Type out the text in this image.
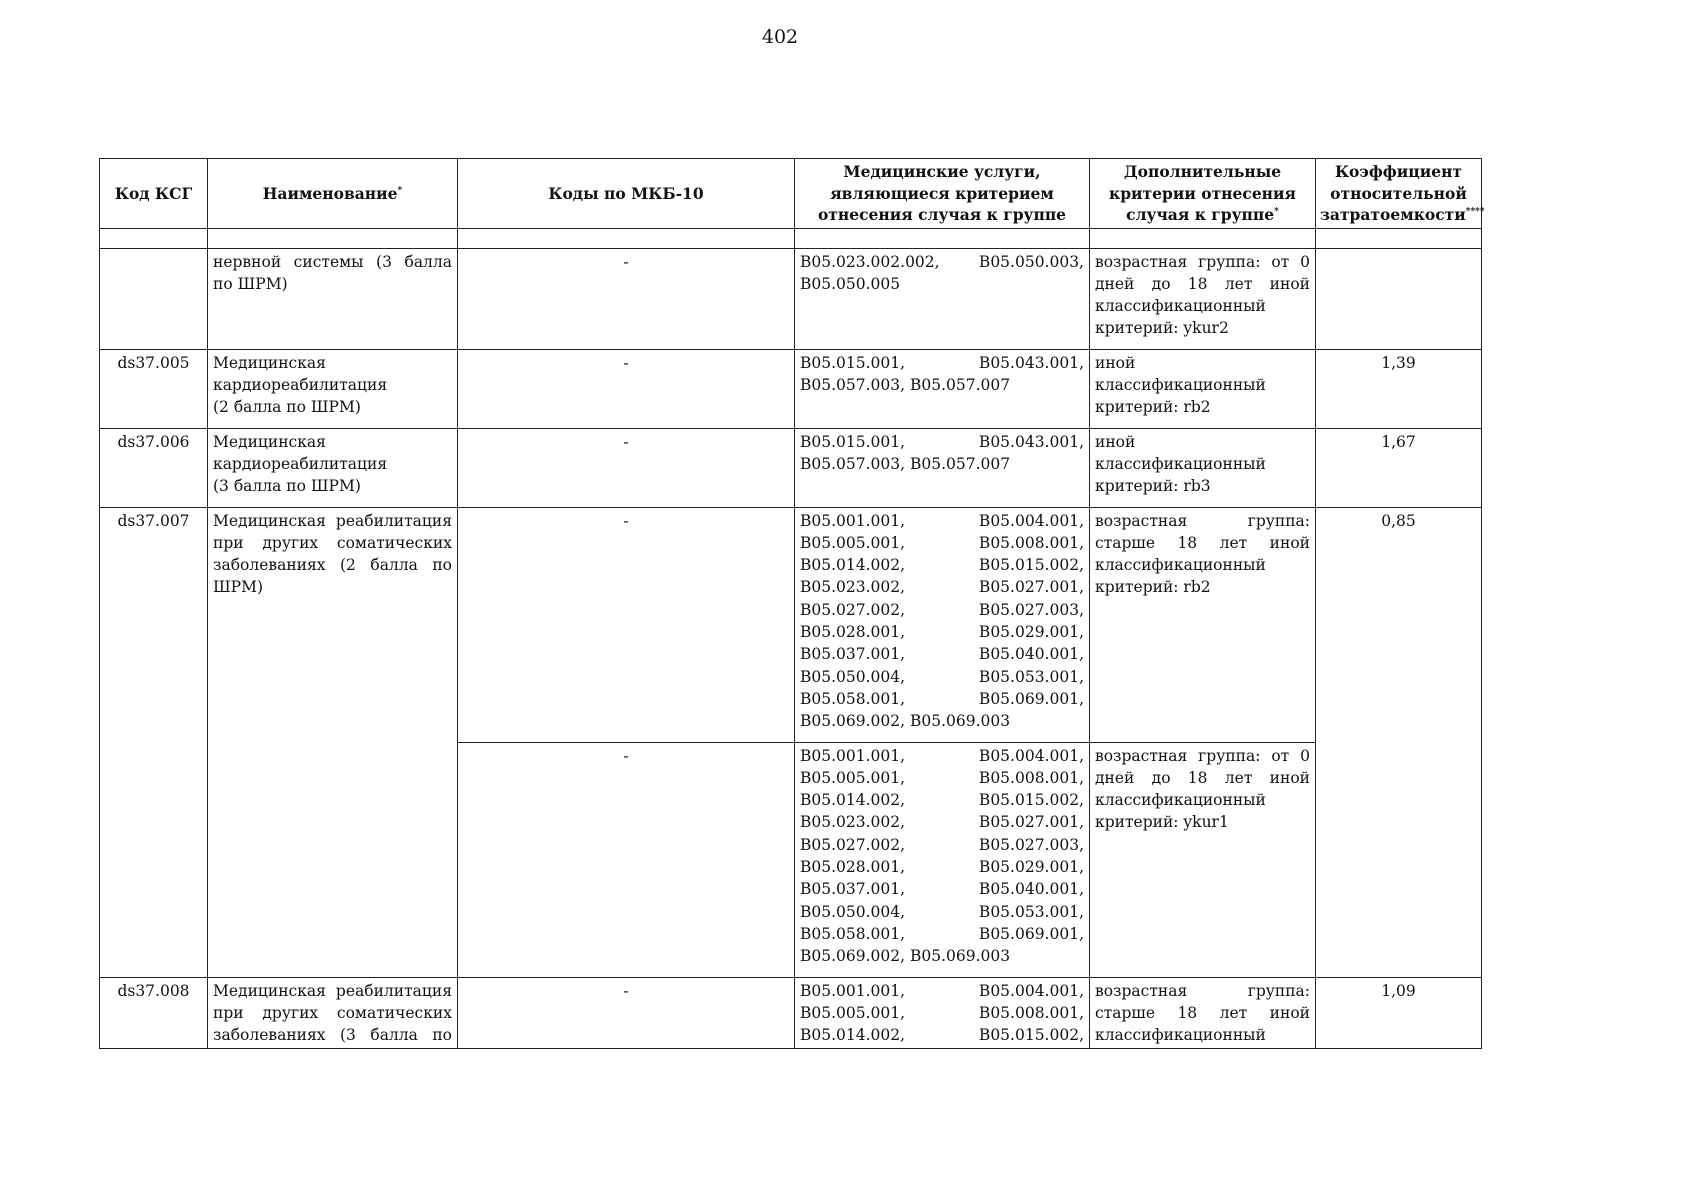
402
Код КСГ	Наименование*	Коды по МКБ-10	Медицинские услуги, являющиеся критерием отнесения случая к группе	Дополнительные критерии отнесения случая к группе*	Коэффициент относительной затратоемкости****

	нервной системы (3 балла по ШРМ)	-	B05.023.002.002, B05.050.003, B05.050.005	возрастная группа: от 0 дней до 18 лет иной классификационный критерий: ykur2	
ds37.005	Медицинская кардиореабилитация (2 балла по ШРМ)	-	B05.015.001, B05.043.001, B05.057.003, B05.057.007	иной классификационный критерий: rb2	1,39
ds37.006	Медицинская кардиореабилитация (3 балла по ШРМ)	-	B05.015.001, B05.043.001, B05.057.003, B05.057.007	иной классификационный критерий: rb3	1,67
ds37.007	Медицинская реабилитация при других соматических заболеваниях (2 балла по ШРМ)	-	B05.001.001, B05.004.001, B05.005.001, B05.008.001, B05.014.002, B05.015.002, B05.023.002, B05.027.001, B05.027.002, B05.027.003, B05.028.001, B05.029.001, B05.037.001, B05.040.001, B05.050.004, B05.053.001, B05.058.001, B05.069.001, B05.069.002, B05.069.003	возрастная группа: старше 18 лет иной классификационный критерий: rb2	0,85
		-	B05.001.001, B05.004.001, B05.005.001, B05.008.001, B05.014.002, B05.015.002, B05.023.002, B05.027.001, B05.027.002, B05.027.003, B05.028.001, B05.029.001, B05.037.001, B05.040.001, B05.050.004, B05.053.001, B05.058.001, B05.069.001, B05.069.002, B05.069.003	возрастная группа: от 0 дней до 18 лет иной классификационный критерий: ykur1	
ds37.008	Медицинская реабилитация при других соматических заболеваниях (3 балла по	-	B05.001.001, B05.004.001, B05.005.001, B05.008.001, B05.014.002, B05.015.002,	возрастная группа: старше 18 лет иной классификационный	1,09
